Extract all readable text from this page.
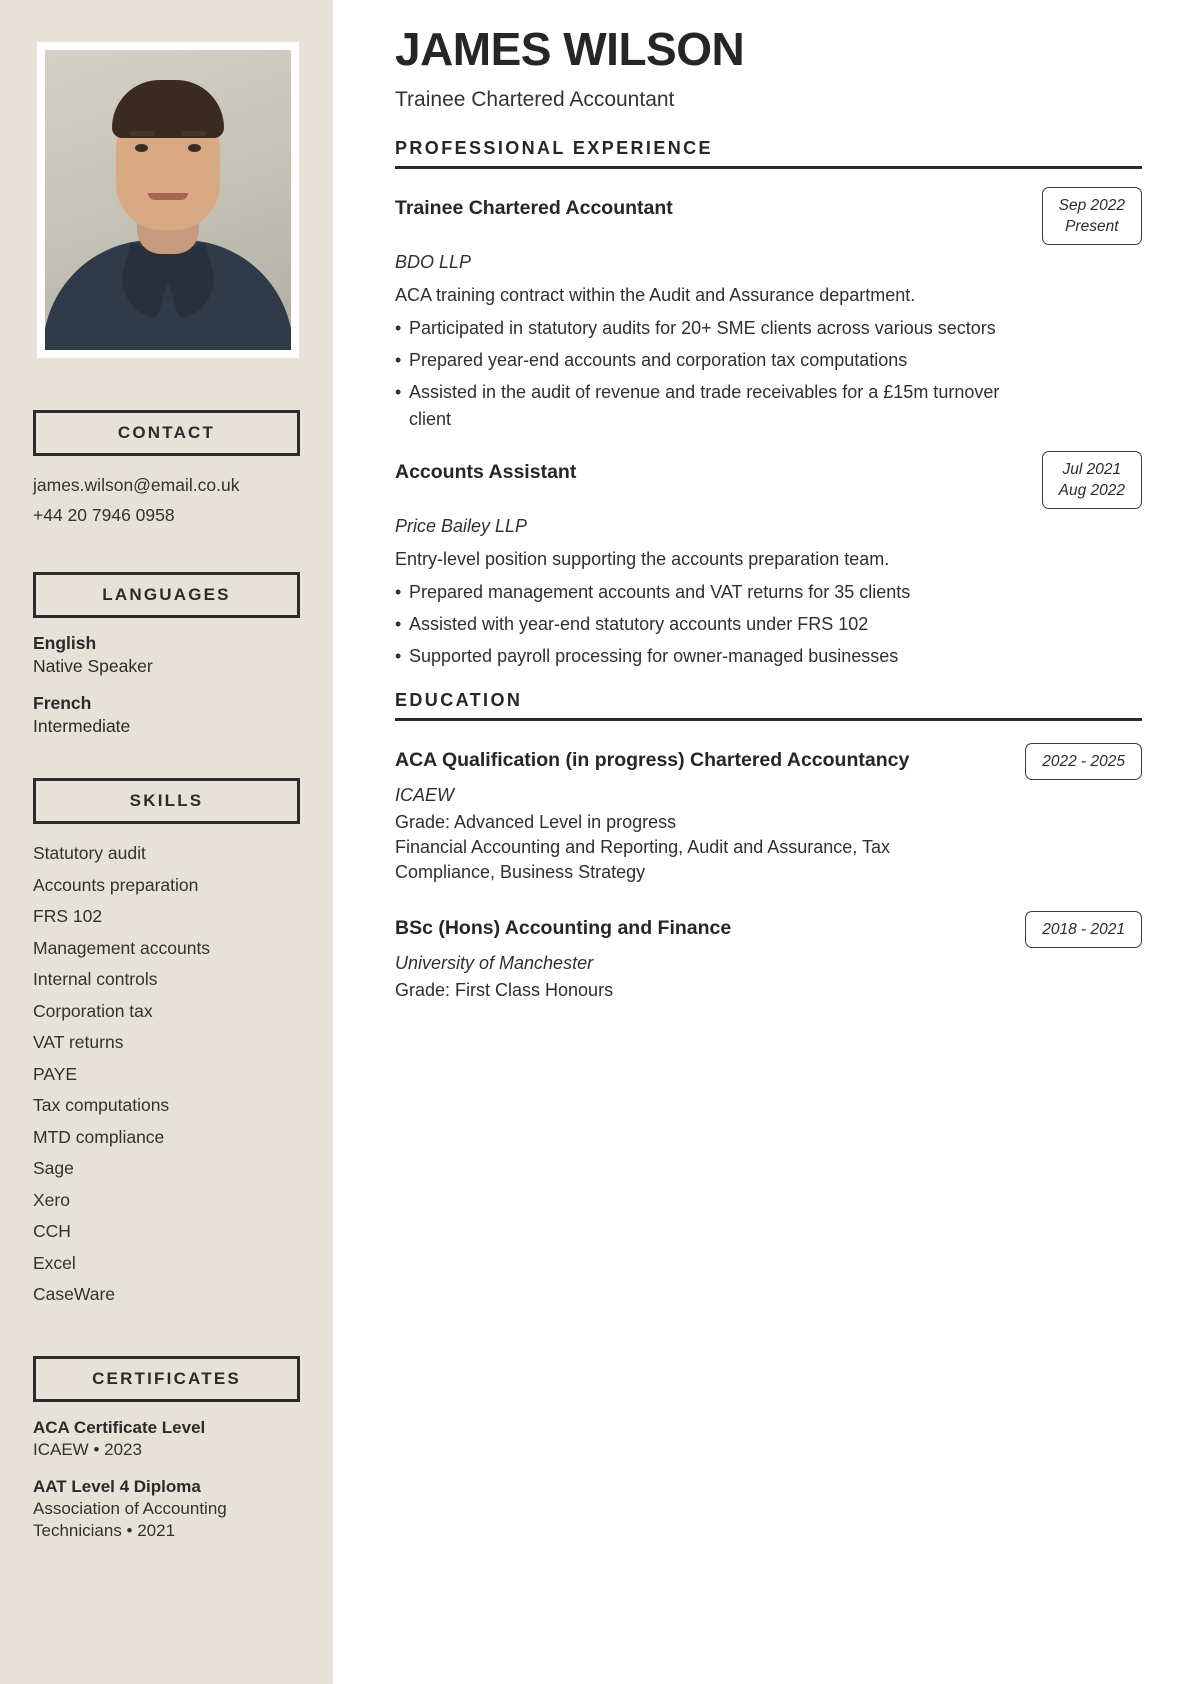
CONTACT
james.wilson@email.co.uk
+44 20 7946 0958
LANGUAGES
English
Native Speaker
French
Intermediate
SKILLS
Statutory audit
Accounts preparation
FRS 102
Management accounts
Internal controls
Corporation tax
VAT returns
PAYE
Tax computations
MTD compliance
Sage
Xero
CCH
Excel
CaseWare
CERTIFICATES
ACA Certificate Level
ICAEW • 2023
AAT Level 4 Diploma
Association of Accounting Technicians • 2021
JAMES WILSON
Trainee Chartered Accountant
PROFESSIONAL EXPERIENCE
Trainee Chartered Accountant	Sep 2022
Present
BDO LLP
ACA training contract within the Audit and Assurance department.
• Participated in statutory audits for 20+ SME clients across various sectors
• Prepared year-end accounts and corporation tax computations
• Assisted in the audit of revenue and trade receivables for a £15m turnover client
Accounts Assistant	Jul 2021
Aug 2022
Price Bailey LLP
Entry-level position supporting the accounts preparation team.
• Prepared management accounts and VAT returns for 35 clients
• Assisted with year-end statutory accounts under FRS 102
• Supported payroll processing for owner-managed businesses
EDUCATION
ACA Qualification (in progress) Chartered Accountancy	2022 - 2025
ICAEW
Grade: Advanced Level in progress
Financial Accounting and Reporting, Audit and Assurance, Tax Compliance, Business Strategy
BSc (Hons) Accounting and Finance	2018 - 2021
University of Manchester
Grade: First Class Honours
